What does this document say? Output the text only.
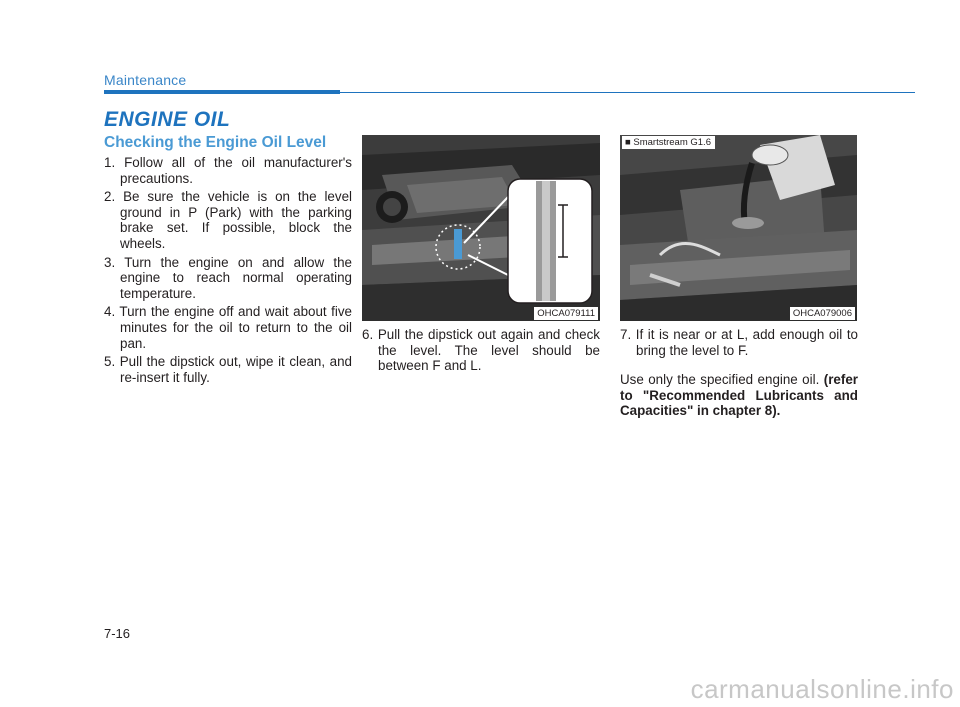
Maintenance
ENGINE OIL
Checking the Engine Oil Level
1. Follow all of the oil manufacturer's precautions.
2. Be sure the vehicle is on the level ground in P (Park) with the parking brake set. If possible, block the wheels.
3. Turn the engine on and allow the engine to reach normal operating temperature.
4. Turn the engine off and wait about five minutes for the oil to return to the oil pan.
5. Pull the dipstick out, wipe it clean, and re-insert it fully.
OHCA079111
6. Pull the dipstick out again and check the level. The level should be between F and L.
■ Smartstream G1.6
OHCA079006
7. If it is near or at L, add enough oil to bring the level to F.

Use only the specified engine oil. (refer to "Recommended Lubricants and Capacities" in chapter 8).

7-16
carmanualsonline.info
